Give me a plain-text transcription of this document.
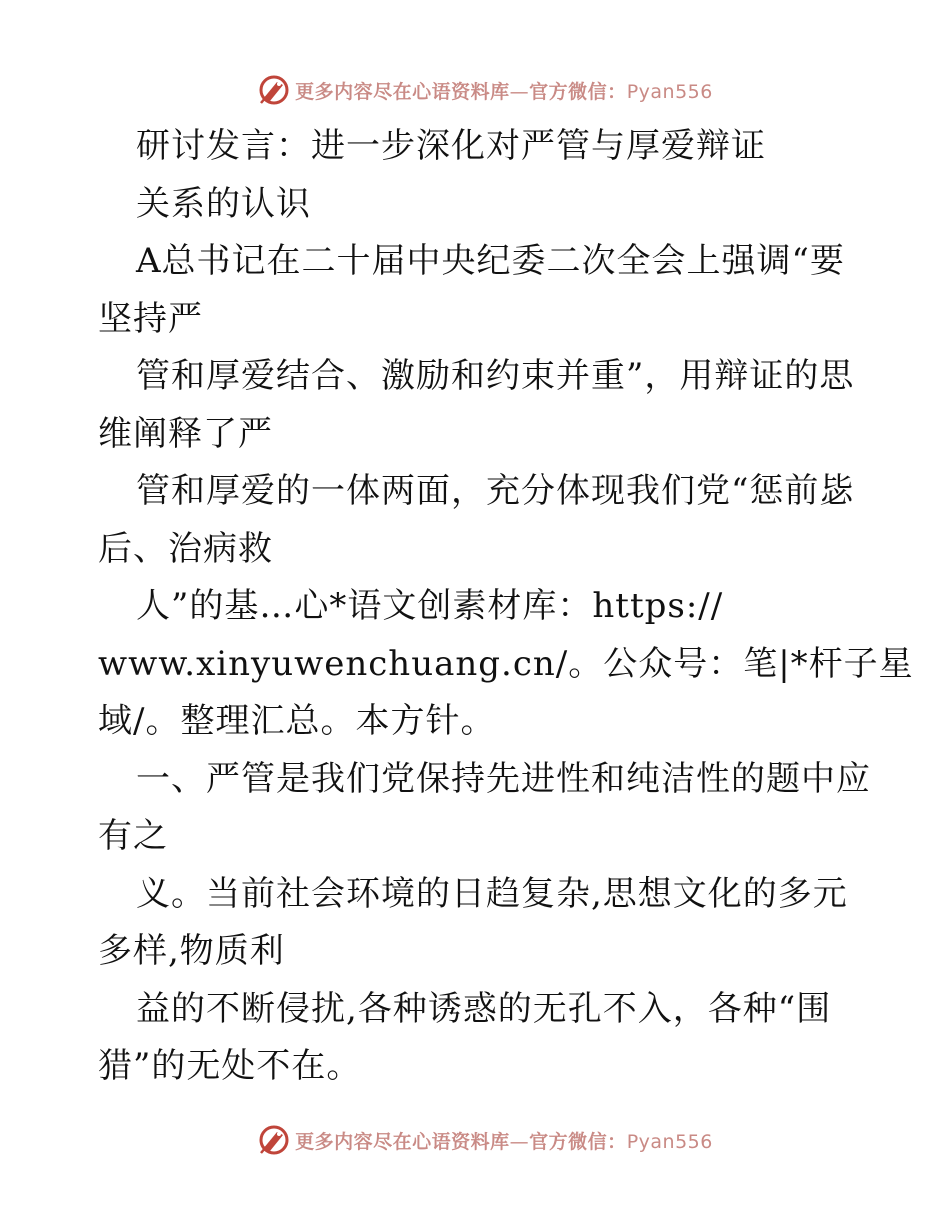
更多内容尽在心语资料库—官方微信：Pyan556
研讨发言：进一步深化对严管与厚爱辩证
关系的认识
A总书记在二十届中央纪委二次全会上强调“要
坚持严
管和厚爱结合、激励和约束并重”，用辩证的思
维阐释了严
管和厚爱的一体两面，充分体现我们党“惩前毖
后、治病救
人”的基…心*语文创素材库：https://
www.xinyuwenchuang.cn/。公众号：笔|*杆子星
域/。整理汇总。本方针。
一、严管是我们党保持先进性和纯洁性的题中应
有之
义。当前社会环境的日趋复杂,思想文化的多元
多样,物质利
益的不断侵扰,各种诱惑的无孔不入，各种“围
猎”的无处不在。
更多内容尽在心语资料库—官方微信：Pyan556
